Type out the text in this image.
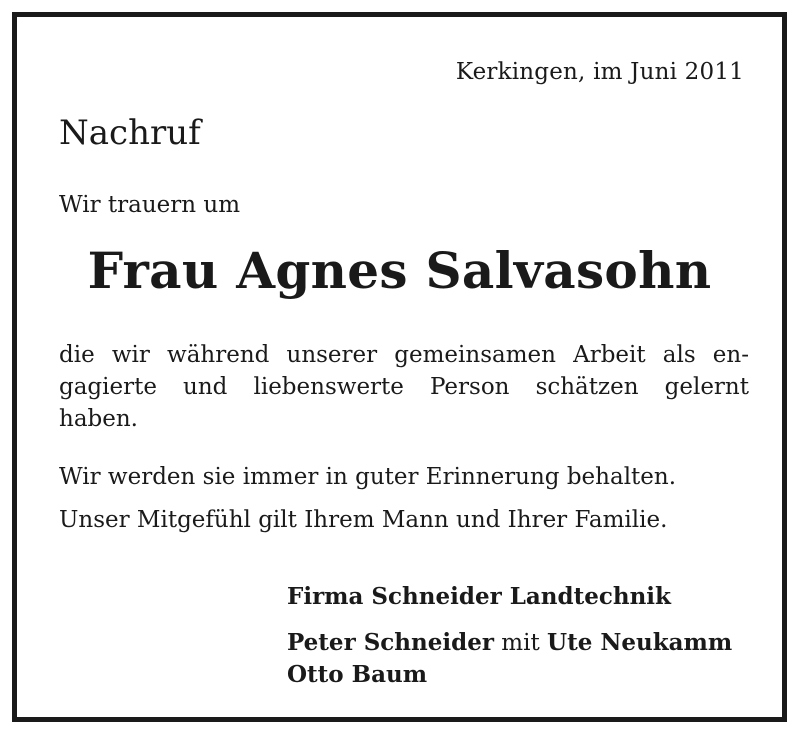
Kerkingen, im Juni 2011
Nachruf
Wir trauern um
Frau Agnes Salvasohn
die wir während unserer gemeinsamen Arbeit als en-
gagierte und liebenswerte Person schätzen gelernt
haben.
Wir werden sie immer in guter Erinnerung behalten.
Unser Mitgefühl gilt Ihrem Mann und Ihrer Familie.
Firma Schneider Landtechnik
Peter Schneider mit Ute Neukamm
Otto Baum
